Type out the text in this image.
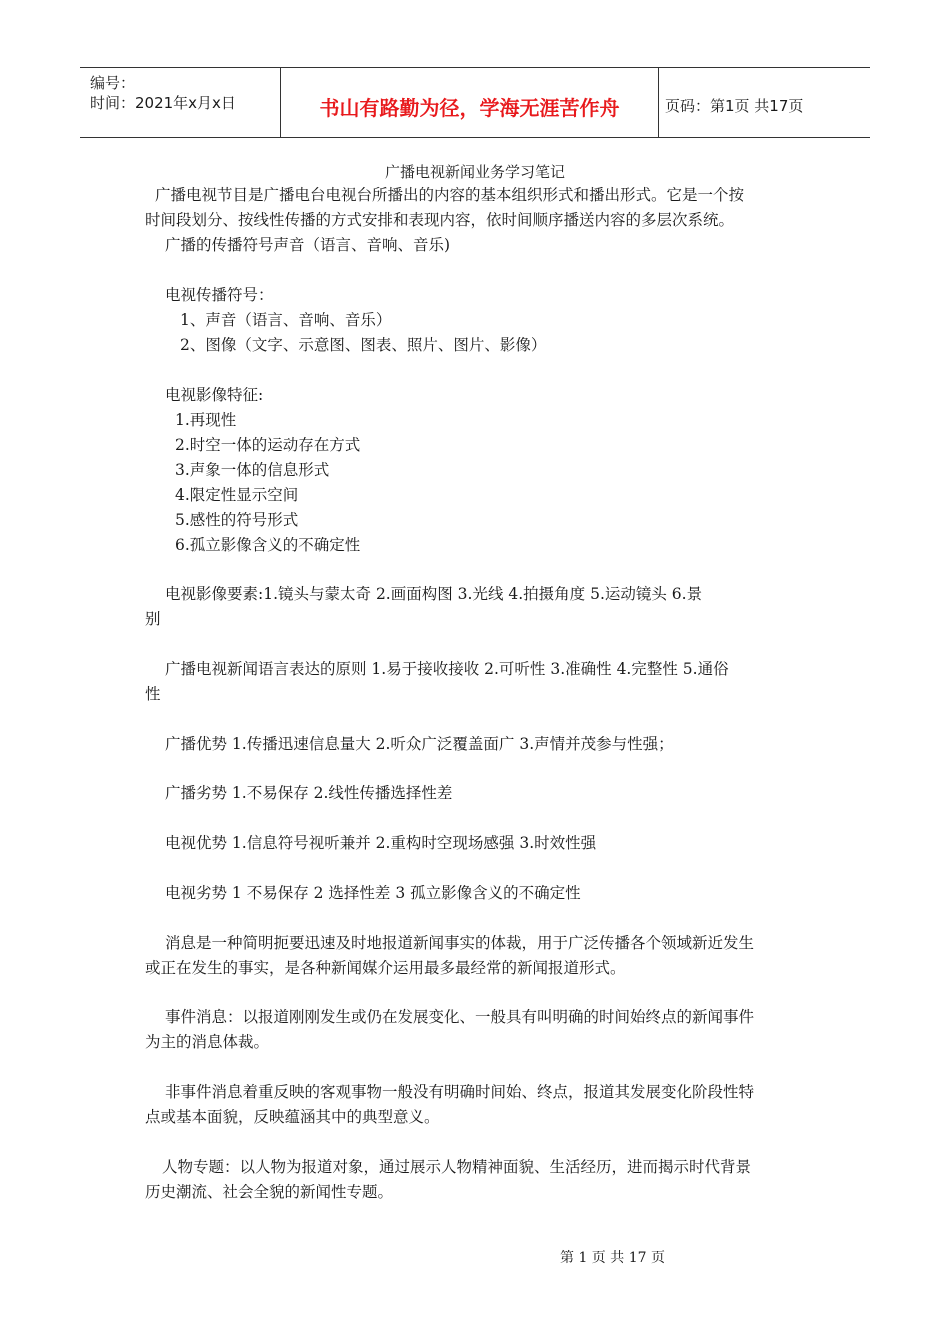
编号：
时间：2021年x月x日	书山有路勤为径，学海无涯苦作舟	页码：第1页 共17页
广播电视新闻业务学习笔记
广播电视节目是广播电台电视台所播出的内容的基本组织形式和播出形式。它是一个按
时间段划分、按线性传播的方式安排和表现内容，依时间顺序播送内容的多层次系统。
广播的传播符号声音（语言、音响、音乐)
电视传播符号：
1、声音（语言、音响、音乐）
2、图像（文字、示意图、图表、照片、图片、影像）
电视影像特征:
1.再现性
2.时空一体的运动存在方式
3.声象一体的信息形式
4.限定性显示空间
5.感性的符号形式
6.孤立影像含义的不确定性
电视影像要素:1.镜头与蒙太奇 2.画面构图 3.光线 4.拍摄角度 5.运动镜头 6.景
别
广播电视新闻语言表达的原则 1.易于接收接收 2.可听性 3.准确性 4.完整性 5.通俗
性
广播优势 1.传播迅速信息量大 2.听众广泛覆盖面广 3.声情并茂参与性强；
广播劣势 1.不易保存 2.线性传播选择性差
电视优势 1.信息符号视听兼并 2.重构时空现场感强 3.时效性强
电视劣势 1 不易保存 2 选择性差 3 孤立影像含义的不确定性
消息是一种简明扼要迅速及时地报道新闻事实的体裁，用于广泛传播各个领域新近发生
或正在发生的事实，是各种新闻媒介运用最多最经常的新闻报道形式。
事件消息：以报道刚刚发生或仍在发展变化、一般具有叫明确的时间始终点的新闻事件
为主的消息体裁。
非事件消息着重反映的客观事物一般没有明确时间始、终点，报道其发展变化阶段性特
点或基本面貌，反映蕴涵其中的典型意义。
人物专题：以人物为报道对象，通过展示人物精神面貌、生活经历，进而揭示时代背景
历史潮流、社会全貌的新闻性专题。
第 1 页 共 17 页
